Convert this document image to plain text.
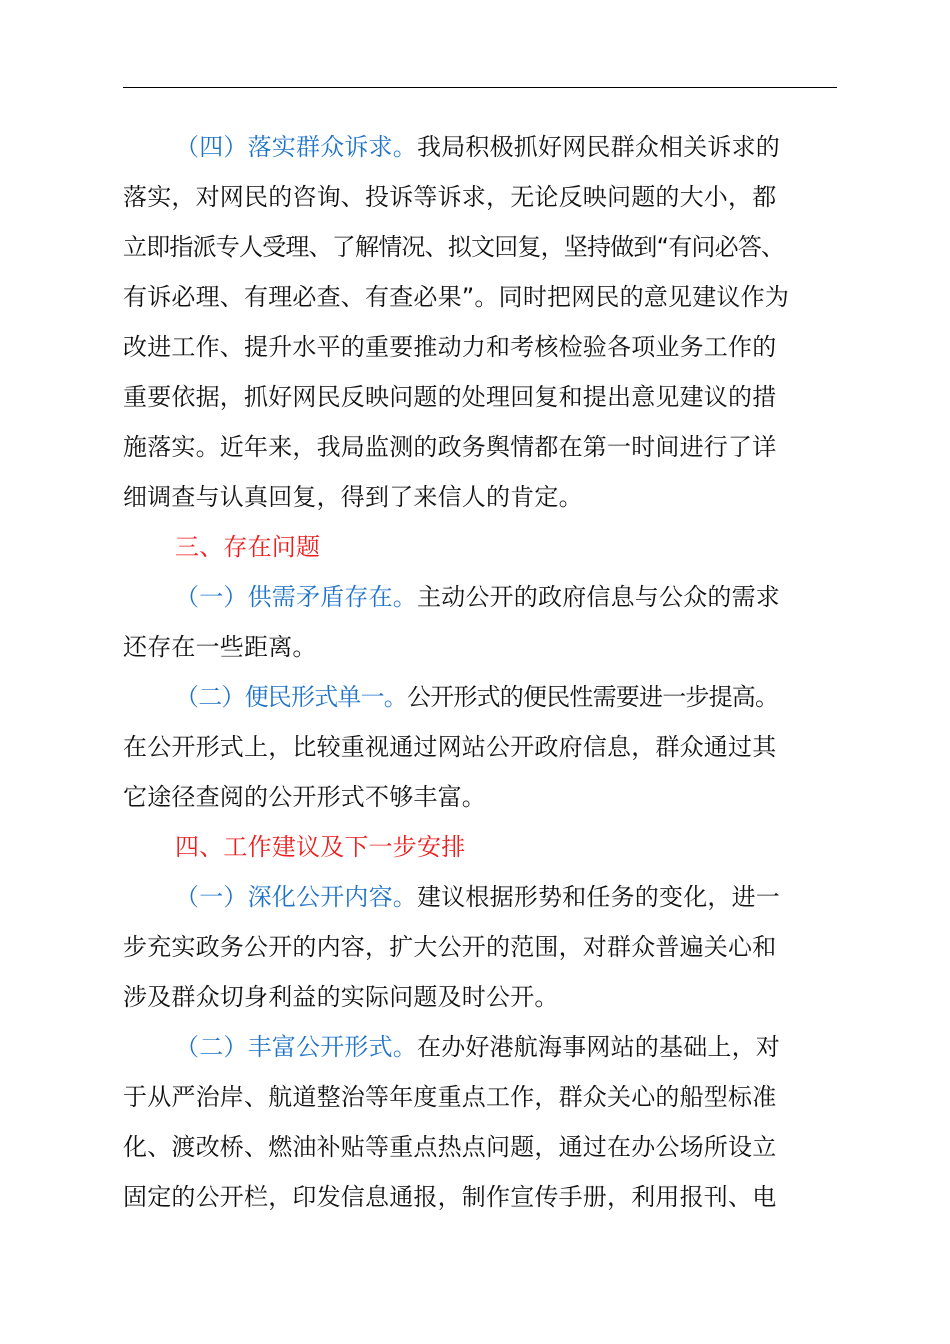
（四）落实群众诉求。我局积极抓好网民群众相关诉求的
落实，对网民的咨询、投诉等诉求，无论反映问题的大小，都
立即指派专人受理、了解情况、拟文回复，坚持做到“有问必答、
有诉必理、有理必查、有查必果”。同时把网民的意见建议作为
改进工作、提升水平的重要推动力和考核检验各项业务工作的
重要依据，抓好网民反映问题的处理回复和提出意见建议的措
施落实。近年来，我局监测的政务舆情都在第一时间进行了详
细调查与认真回复，得到了来信人的肯定。
三、存在问题
（一）供需矛盾存在。主动公开的政府信息与公众的需求
还存在一些距离。
（二）便民形式单一。公开形式的便民性需要进一步提高。
在公开形式上，比较重视通过网站公开政府信息，群众通过其
它途径查阅的公开形式不够丰富。
四、工作建议及下一步安排
（一）深化公开内容。建议根据形势和任务的变化，进一
步充实政务公开的内容，扩大公开的范围，对群众普遍关心和
涉及群众切身利益的实际问题及时公开。
（二）丰富公开形式。在办好港航海事网站的基础上，对
于从严治岸、航道整治等年度重点工作，群众关心的船型标准
化、渡改桥、燃油补贴等重点热点问题，通过在办公场所设立
固定的公开栏，印发信息通报，制作宣传手册，利用报刊、电
